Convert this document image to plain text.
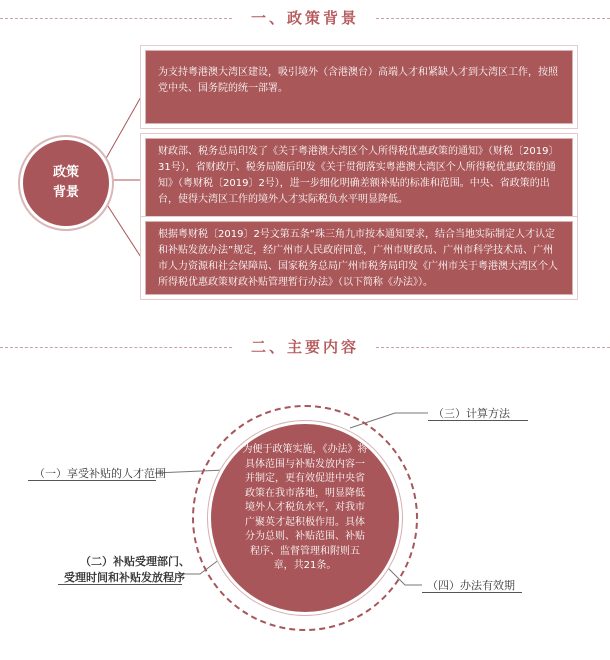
一、政策背景
政策
背景
为支持粤港澳大湾区建设，吸引境外（含港澳台）高端人才和紧缺人才到大湾区工作，按照党中央、国务院的统一部署。
财政部、税务总局印发了《关于粤港澳大湾区个人所得税优惠政策的通知》（财税〔2019〕31号），省财政厅、税务局随后印发《关于贯彻落实粤港澳大湾区个人所得税优惠政策的通知》（粤财税〔2019〕2号），进一步细化明确差额补贴的标准和范围。中央、省政策的出台，使得大湾区工作的境外人才实际税负水平明显降低。
根据粤财税〔2019〕2号文第五条“珠三角九市按本通知要求，结合当地实际制定人才认定和补贴发放办法”规定，经广州市人民政府同意，广州市财政局、广州市科学技术局、广州市人力资源和社会保障局、国家税务总局广州市税务局印发《广州市关于粤港澳大湾区个人所得税优惠政策财政补贴管理暂行办法》（以下简称《办法》）。
二、主要内容
为便于政策实施，《办法》将具体范围与补贴发放内容一并制定，更有效促进中央省政策在我市落地，明显降低境外人才税负水平，对我市广聚英才起积极作用。具体分为总则、补贴范围、补贴程序、监督管理和附则五章，共21条。
（三）计算方法
（一）享受补贴的人才范围
（二）补贴受理部门、
受理时间和补贴发放程序
（四）办法有效期
